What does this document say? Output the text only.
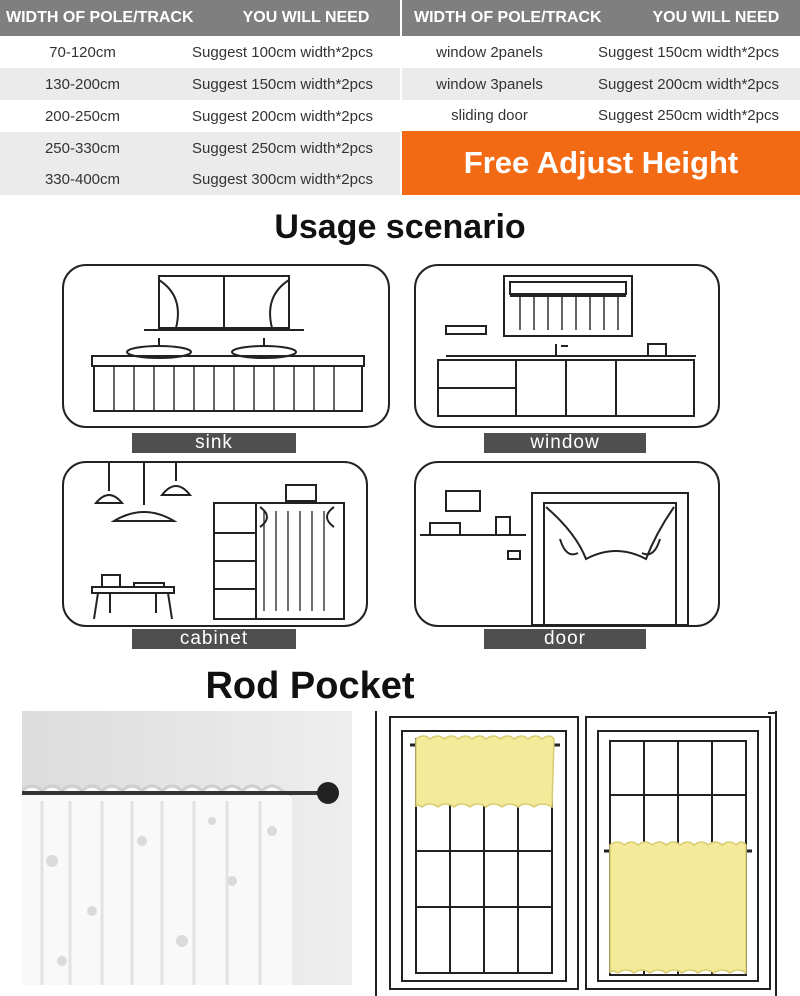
WIDTH OF POLE/TRACK	YOU WILL NEED
70-120cm	Suggest 100cm width*2pcs
130-200cm	Suggest 150cm width*2pcs
200-250cm	Suggest 200cm width*2pcs
250-330cm	Suggest 250cm width*2pcs
330-400cm	Suggest 300cm width*2pcs
WIDTH OF POLE/TRACK	YOU WILL NEED
window 2panels	Suggest 150cm width*2pcs
window 3panels	Suggest 200cm width*2pcs
sliding door	Suggest 250cm width*2pcs
Free Adjust Height
Usage scenario
sink	window
cabinet	door
Rod Pocket
